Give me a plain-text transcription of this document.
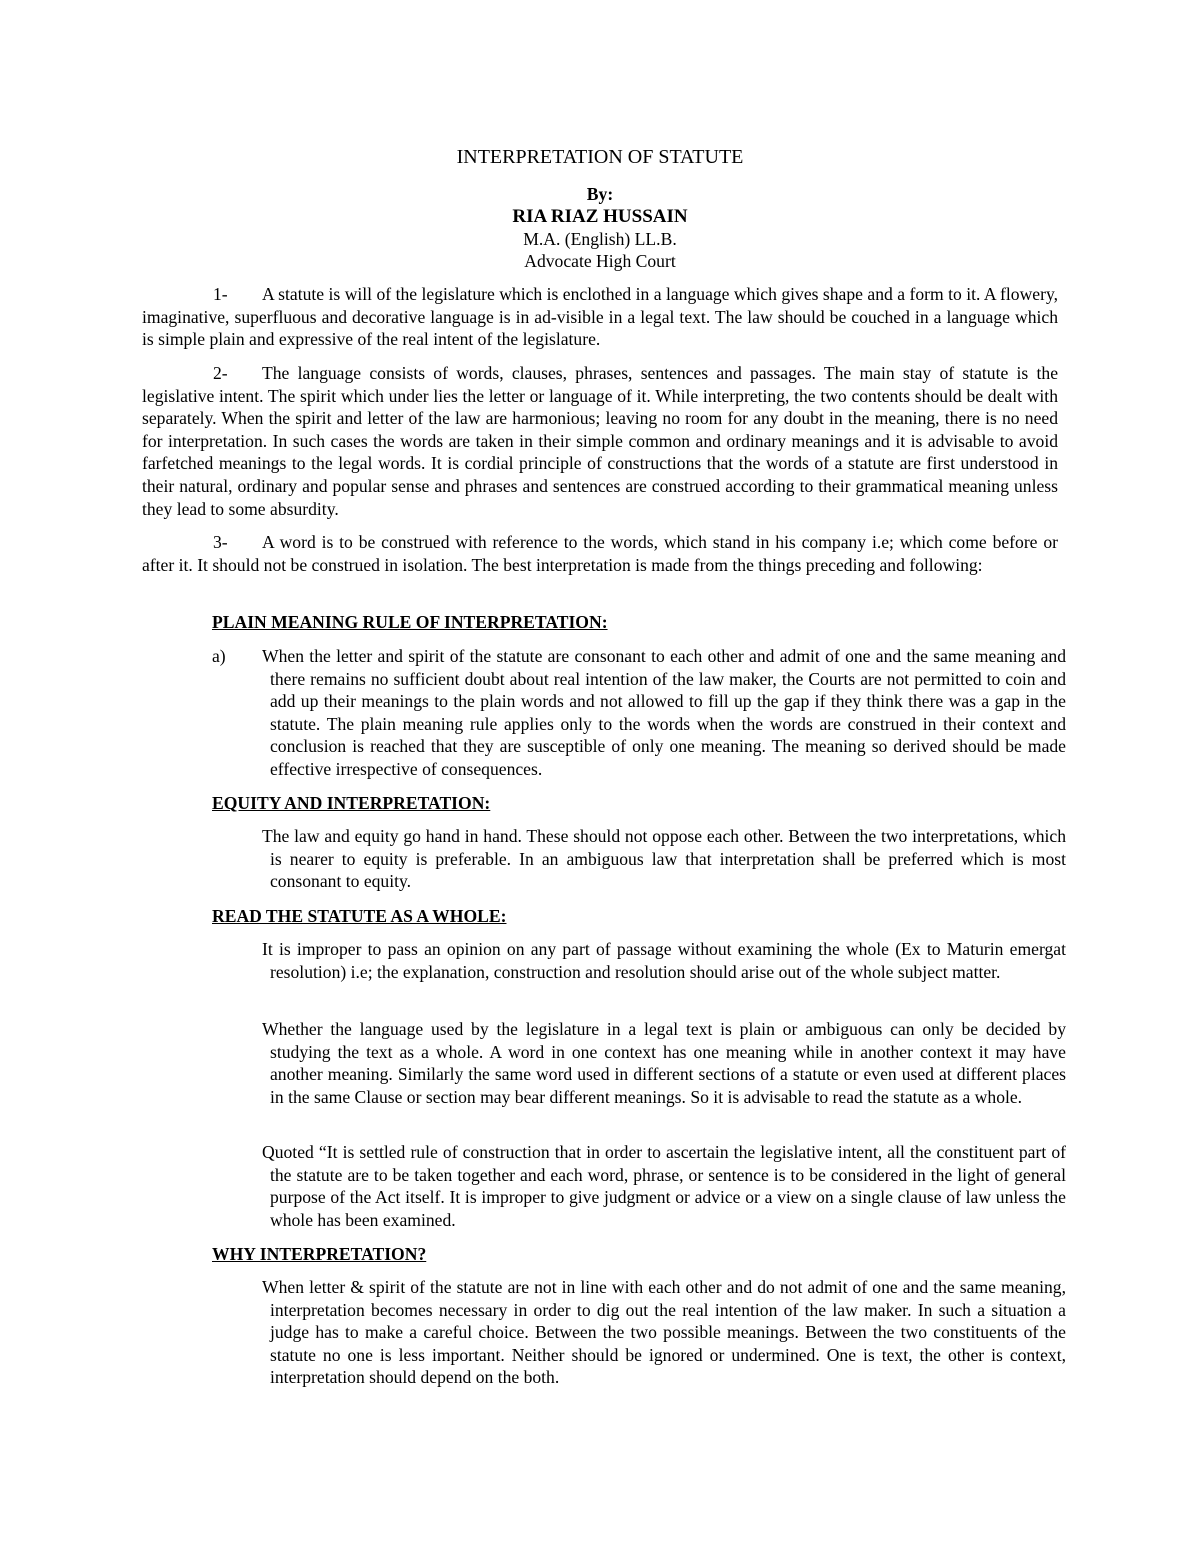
INTERPRETATION OF STATUTE
By:
RIA RIAZ HUSSAIN
M.A. (English) LL.B.
Advocate High Court

1- A statute is will of the legislature which is enclothed in a language which gives shape and a form to it. A flowery, imaginative, superfluous and decorative language is in ad-visible in a legal text. The law should be couched in a language which is simple plain and expressive of the real intent of the legislature.

2- The language consists of words, clauses, phrases, sentences and passages. The main stay of statute is the legislative intent. The spirit which under lies the letter or language of it. While interpreting, the two contents should be dealt with separately. When the spirit and letter of the law are harmonious; leaving no room for any doubt in the meaning, there is no need for interpretation. In such cases the words are taken in their simple common and ordinary meanings and it is advisable to avoid farfetched meanings to the legal words. It is cordial principle of constructions that the words of a statute are first understood in their natural, ordinary and popular sense and phrases and sentences are construed according to their grammatical meaning unless they lead to some absurdity.

3- A word is to be construed with reference to the words, which stand in his company i.e; which come before or after it. It should not be construed in isolation. The best interpretation is made from the things preceding and following:

PLAIN MEANING RULE OF INTERPRETATION:

a) When the letter and spirit of the statute are consonant to each other and admit of one and the same meaning and there remains no sufficient doubt about real intention of the law maker, the Courts are not permitted to coin and add up their meanings to the plain words and not allowed to fill up the gap if they think there was a gap in the statute. The plain meaning rule applies only to the words when the words are construed in their context and conclusion is reached that they are susceptible of only one meaning. The meaning so derived should be made effective irrespective of consequences.

EQUITY AND INTERPRETATION:

The law and equity go hand in hand. These should not oppose each other. Between the two interpretations, which is nearer to equity is preferable. In an ambiguous law that interpretation shall be preferred which is most consonant to equity.

READ THE STATUTE AS A WHOLE:

It is improper to pass an opinion on any part of passage without examining the whole (Ex to Maturin emergat resolution) i.e; the explanation, construction and resolution should arise out of the whole subject matter.

Whether the language used by the legislature in a legal text is plain or ambiguous can only be decided by studying the text as a whole. A word in one context has one meaning while in another context it may have another meaning. Similarly the same word used in different sections of a statute or even used at different places in the same Clause or section may bear different meanings. So it is advisable to read the statute as a whole.

Quoted “It is settled rule of construction that in order to ascertain the legislative intent, all the constituent part of the statute are to be taken together and each word, phrase, or sentence is to be considered in the light of general purpose of the Act itself. It is improper to give judgment or advice or a view on a single clause of law unless the whole has been examined.

WHY INTERPRETATION?

When letter & spirit of the statute are not in line with each other and do not admit of one and the same meaning, interpretation becomes necessary in order to dig out the real intention of the law maker. In such a situation a judge has to make a careful choice. Between the two possible meanings. Between the two constituents of the statute no one is less important. Neither should be ignored or undermined. One is text, the other is context, interpretation should depend on the both.
